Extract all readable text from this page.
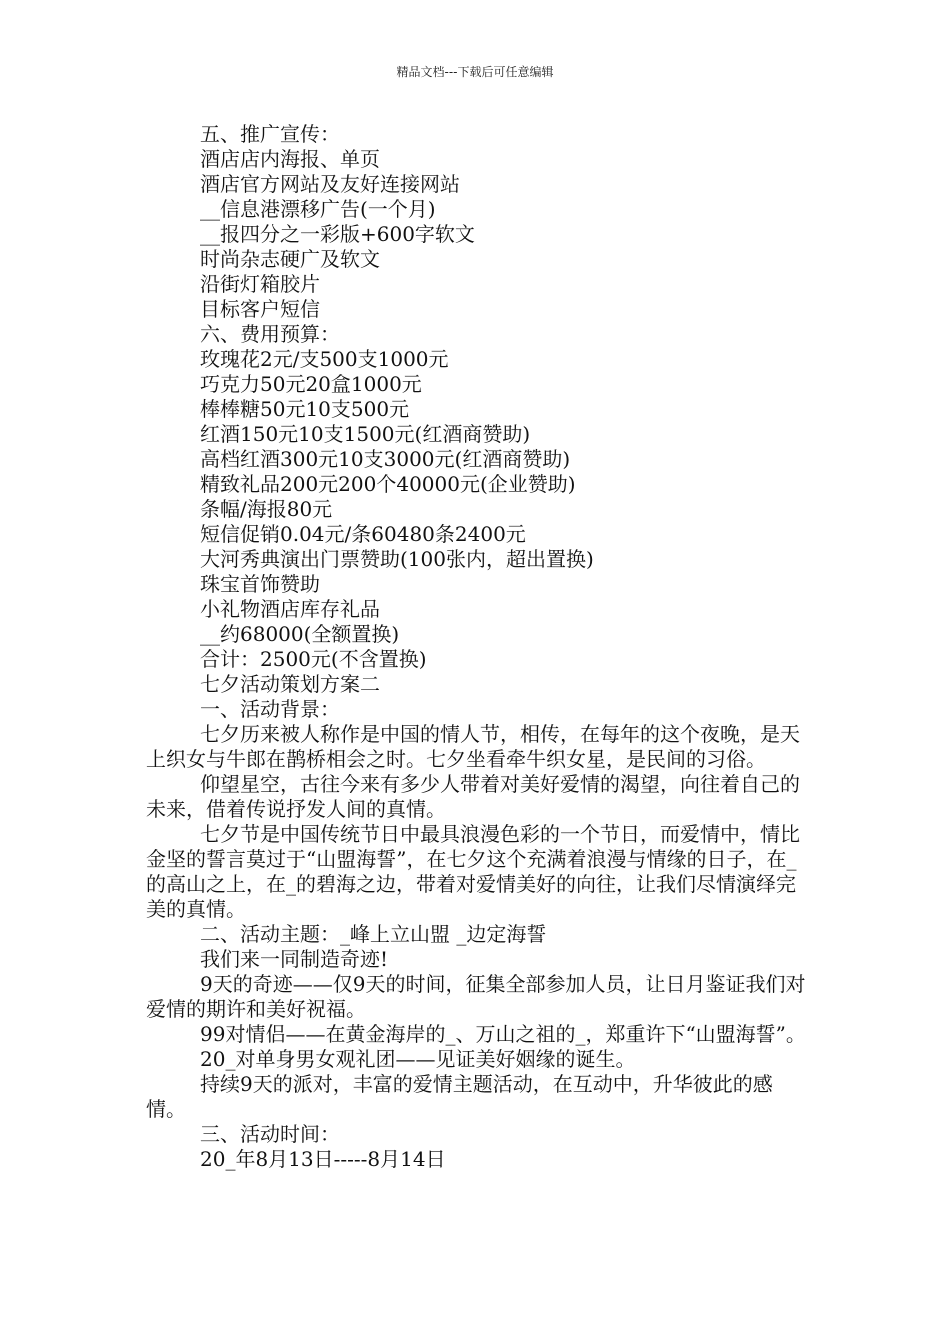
精品文档---下载后可任意编辑
五、推广宣传：
酒店店内海报、单页
酒店官方网站及友好连接网站
__信息港漂移广告(一个月)
__报四分之一彩版+600字软文
时尚杂志硬广及软文
沿街灯箱胶片
目标客户短信
六、费用预算：
玫瑰花2元/支500支1000元
巧克力50元20盒1000元
棒棒糖50元10支500元
红酒150元10支1500元(红酒商赞助)
高档红酒300元10支3000元(红酒商赞助)
精致礼品200元200个40000元(企业赞助)
条幅/海报80元
短信促销0.04元/条60480条2400元
大河秀典演出门票赞助(100张内，超出置换)
珠宝首饰赞助
小礼物酒店库存礼品
__约68000(全额置换)
合计：2500元(不含置换)
七夕活动策划方案二
一、活动背景：
七夕历来被人称作是中国的情人节，相传，在每年的这个夜晚，是天上织女与牛郎在鹊桥相会之时。七夕坐看牵牛织女星，是民间的习俗。
仰望星空，古往今来有多少人带着对美好爱情的渴望，向往着自己的未来，借着传说抒发人间的真情。
七夕节是中国传统节日中最具浪漫色彩的一个节日，而爱情中，情比金坚的誓言莫过于“山盟海誓”，在七夕这个充满着浪漫与情缘的日子，在_的高山之上，在_的碧海之边，带着对爱情美好的向往，让我们尽情演绎完美的真情。
二、活动主题：_峰上立山盟 _边定海誓
我们来一同制造奇迹!
9天的奇迹——仅9天的时间，征集全部参加人员，让日月鉴证我们对爱情的期许和美好祝福。
99对情侣——在黄金海岸的_、万山之祖的_，郑重许下“山盟海誓”。
20_对单身男女观礼团——见证美好姻缘的诞生。
持续9天的派对，丰富的爱情主题活动，在互动中，升华彼此的感情。
三、活动时间：
20_年8月13日-----8月14日
